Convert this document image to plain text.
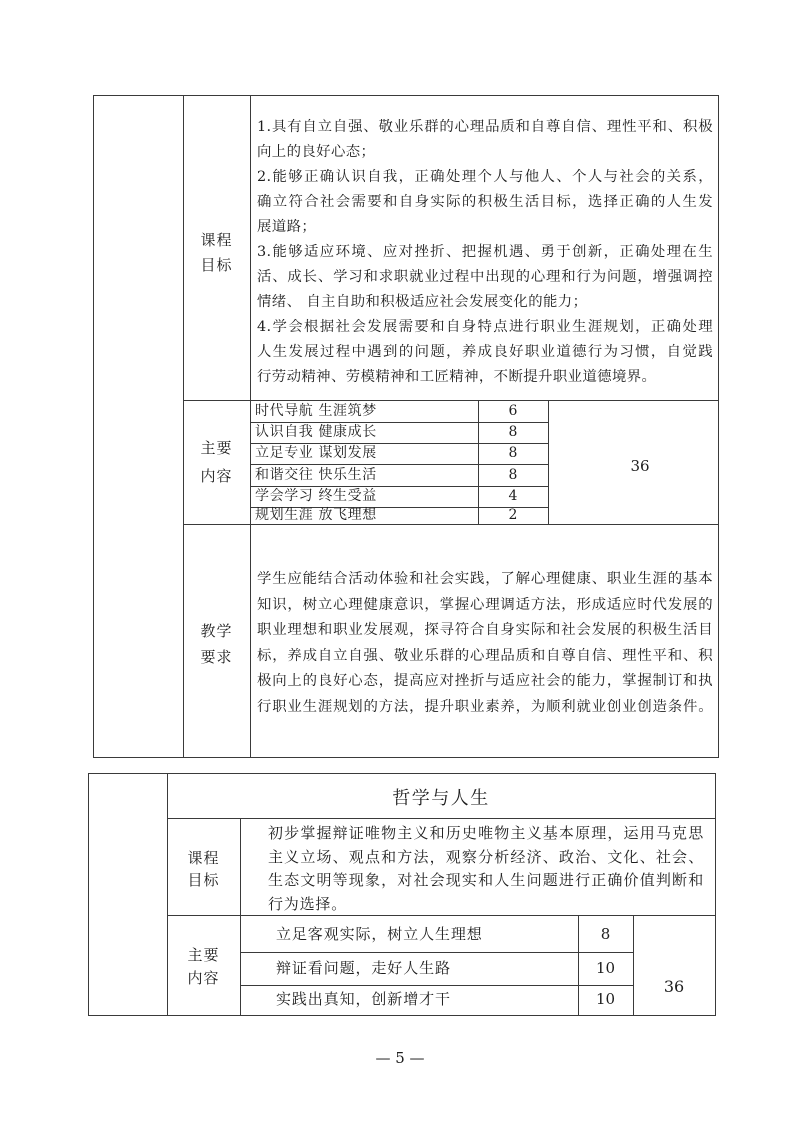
课程
目标
1.具有自立自强、敬业乐群的心理品质和自尊自信、理性平和、积极
向上的良好心态；
2.能够正确认识自我，正确处理个人与他人、个人与社会的关系，
确立符合社会需要和自身实际的积极生活目标，选择正确的人生发
展道路；
3.能够适应环境、应对挫折、把握机遇、勇于创新，正确处理在生
活、成长、学习和求职就业过程中出现的心理和行为问题，增强调控
情绪、 自主自助和积极适应社会发展变化的能力；
4.学会根据社会发展需要和自身特点进行职业生涯规划，正确处理
人生发展过程中遇到的问题，养成良好职业道德行为习惯，自觉践
行劳动精神、劳模精神和工匠精神，不断提升职业道德境界。
主要
内容
时代导航 生涯筑梦	6
认识自我 健康成长	8
立足专业 谋划发展	8
和谐交往 快乐生活	8
学会学习 终生受益	4
规划生涯 放飞理想	2
36
教学
要求
学生应能结合活动体验和社会实践，了解心理健康、职业生涯的基本
知识，树立心理健康意识，掌握心理调适方法，形成适应时代发展的
职业理想和职业发展观，探寻符合自身实际和社会发展的积极生活目
标，养成自立自强、敬业乐群的心理品质和自尊自信、理性平和、积
极向上的良好心态，提高应对挫折与适应社会的能力，掌握制订和执
行职业生涯规划的方法，提升职业素养，为顺利就业创业创造条件。
哲学与人生
课程
目标
初步掌握辩证唯物主义和历史唯物主义基本原理，运用马克思
主义立场、观点和方法，观察分析经济、政治、文化、社会、
生态文明等现象，对社会现实和人生问题进行正确价值判断和
行为选择。
主要
内容
立足客观实际，树立人生理想	8
辩证看问题，走好人生路	10
实践出真知，创新增才干	10
36
— 5 —
